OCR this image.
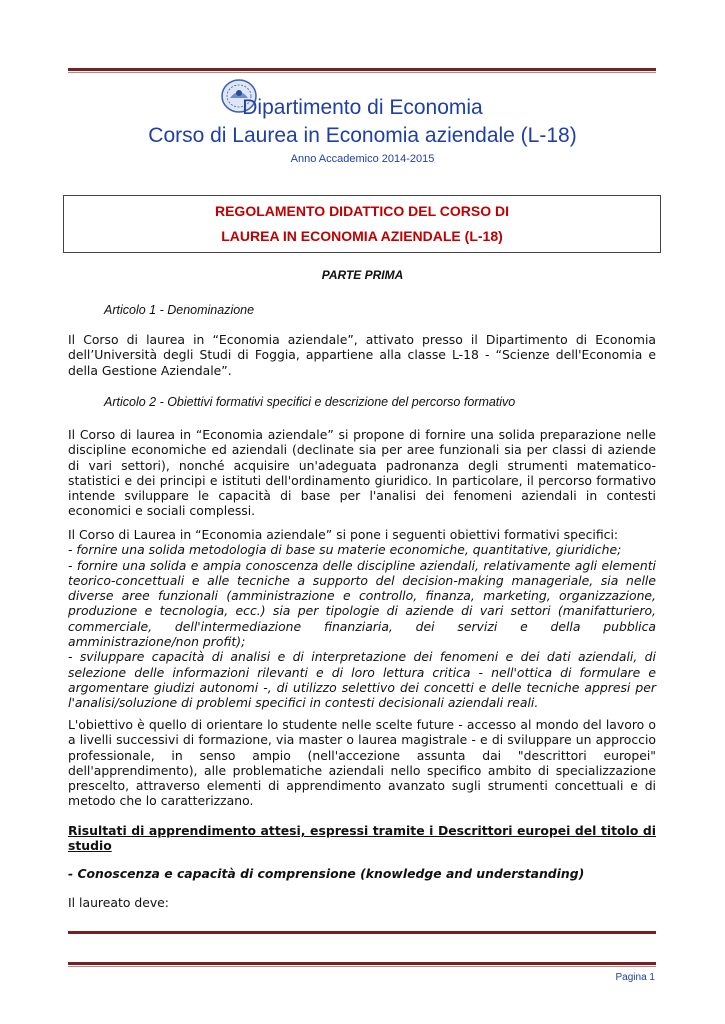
Dipartimento di Economia
Corso di Laurea in Economia aziendale (L-18)
Anno Accademico 2014-2015
REGOLAMENTO DIDATTICO DEL CORSO DI
LAUREA IN ECONOMIA AZIENDALE (L-18)
PARTE PRIMA
Articolo 1 - Denominazione

Il Corso di laurea in “Economia aziendale”, attivato presso il Dipartimento di Economia dell’Università degli Studi di Foggia, appartiene alla classe L-18 - “Scienze dell'Economia e della Gestione Aziendale”.

Articolo 2 - Obiettivi formativi specifici e descrizione del percorso formativo

Il Corso di laurea in “Economia aziendale” si propone di fornire una solida preparazione nelle discipline economiche ed aziendali (declinate sia per aree funzionali sia per classi di aziende di vari settori), nonché acquisire un'adeguata padronanza degli strumenti matematico-statistici e dei principi e istituti dell'ordinamento giuridico. In particolare, il percorso formativo intende sviluppare le capacità di base per l'analisi dei fenomeni aziendali in contesti economici e sociali complessi.

Il Corso di Laurea in “Economia aziendale” si pone i seguenti obiettivi formativi specifici:

- fornire una solida metodologia di base su materie economiche, quantitative, giuridiche;

- fornire una solida e ampia conoscenza delle discipline aziendali, relativamente agli elementi teorico-concettuali e alle tecniche a supporto del decision-making manageriale, sia nelle diverse aree funzionali (amministrazione e controllo, finanza, marketing, organizzazione, produzione e tecnologia, ecc.) sia per tipologie di aziende di vari settori (manifatturiero, commerciale, dell'intermediazione finanziaria, dei servizi e della pubblica amministrazione/non profit);

- sviluppare capacità di analisi e di interpretazione dei fenomeni e dei dati aziendali, di selezione delle informazioni rilevanti e di loro lettura critica - nell'ottica di formulare e argomentare giudizi autonomi -, di utilizzo selettivo dei concetti e delle tecniche appresi per l'analisi/soluzione di problemi specifici in contesti decisionali aziendali reali.

L'obiettivo è quello di orientare lo studente nelle scelte future - accesso al mondo del lavoro o a livelli successivi di formazione, via master o laurea magistrale - e di sviluppare un approccio professionale, in senso ampio (nell'accezione assunta dai "descrittori europei" dell'apprendimento), alle problematiche aziendali nello specifico ambito di specializzazione prescelto, attraverso elementi di apprendimento avanzato sugli strumenti concettuali e di metodo che lo caratterizzano.

Risultati di apprendimento attesi, espressi tramite i Descrittori europei del titolo di studio
- Conoscenza e capacità di comprensione (knowledge and understanding)

Il laureato deve:

Pagina 1
